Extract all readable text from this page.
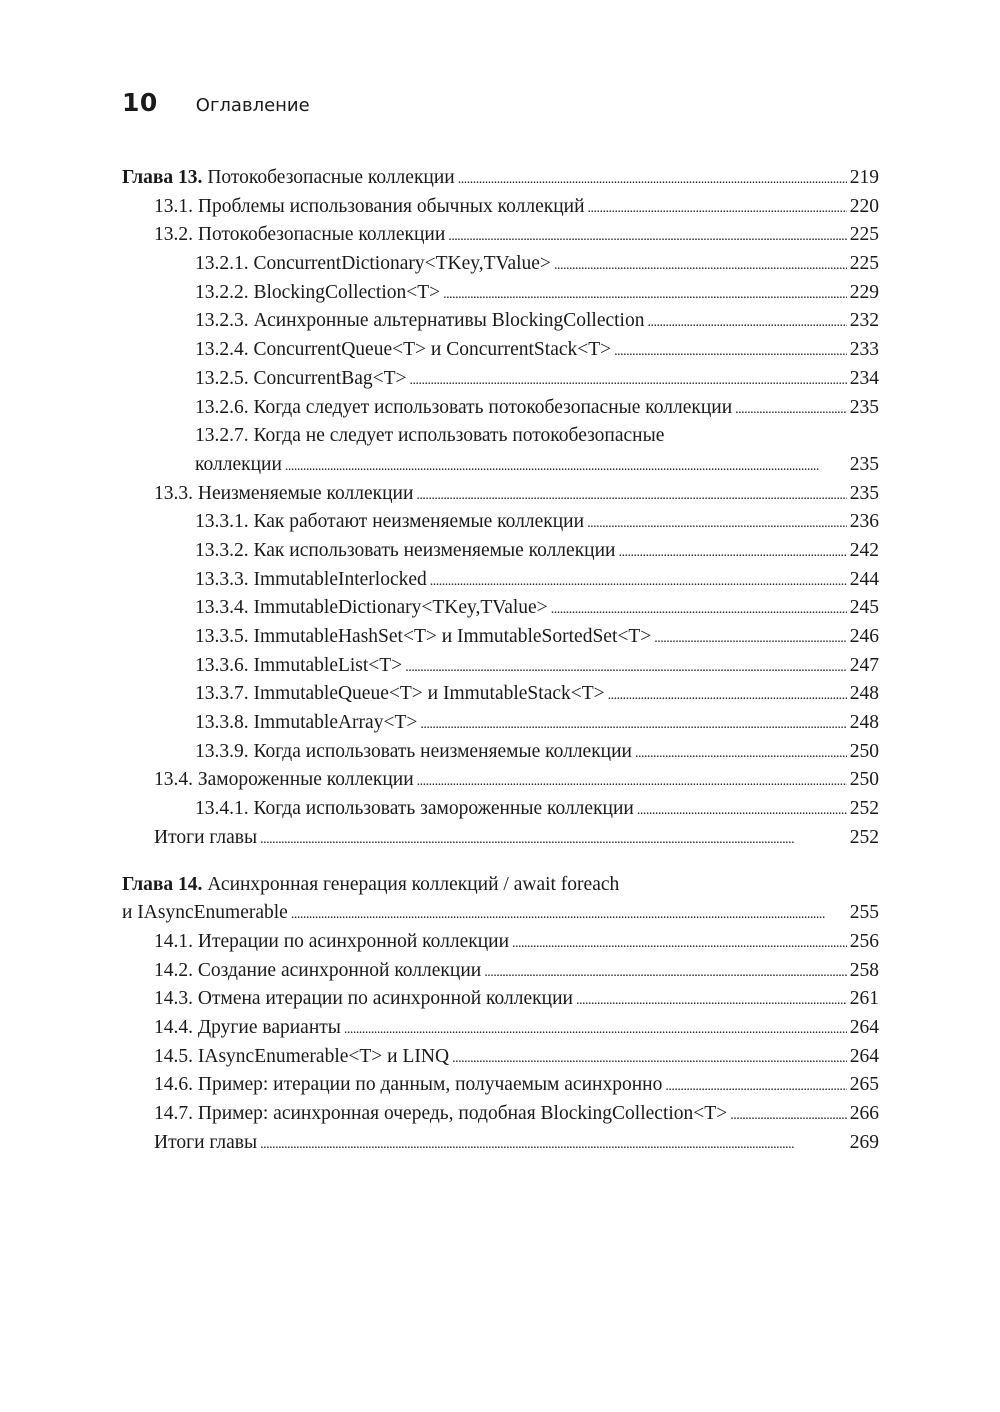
10 Оглавление
Глава 13. Потокобезопасные коллекции . . .	219
13.1. Проблемы использования обычных коллекций . . .	220
13.2. Потокобезопасные коллекции . . .	225
13.2.1. ConcurrentDictionary<TKey,TValue> . . .	225
13.2.2. BlockingCollection<T> . . .	229
13.2.3. Асинхронные альтернативы BlockingCollection . . .	232
13.2.4. ConcurrentQueue<T> и ConcurrentStack<T> . . .	233
13.2.5. ConcurrentBag<T> . . .	234
13.2.6. Когда следует использовать потокобезопасные коллекции . . .	235
13.2.7. Когда не следует использовать потокобезопасные
коллекции . . .	235
13.3. Неизменяемые коллекции . . .	235
13.3.1. Как работают неизменяемые коллекции . . .	236
13.3.2. Как использовать неизменяемые коллекции . . .	242
13.3.3. ImmutableInterlocked . . .	244
13.3.4. ImmutableDictionary<TKey,TValue> . . .	245
13.3.5. ImmutableHashSet<T> и ImmutableSortedSet<T> . . .	246
13.3.6. ImmutableList<T> . . .	247
13.3.7. ImmutableQueue<T> и ImmutableStack<T> . . .	248
13.3.8. ImmutableArray<T> . . .	248
13.3.9. Когда использовать неизменяемые коллекции . . .	250
13.4. Замороженные коллекции . . .	250
13.4.1. Когда использовать замороженные коллекции . . .	252
Итоги главы . . .	252
Глава 14. Асинхронная генерация коллекций / await foreach
и IAsyncEnumerable . . .	255
14.1. Итерации по асинхронной коллекции . . .	256
14.2. Создание асинхронной коллекции . . .	258
14.3. Отмена итерации по асинхронной коллекции . . .	261
14.4. Другие варианты . . .	264
14.5. IAsyncEnumerable<T> и LINQ . . .	264
14.6. Пример: итерации по данным, получаемым асинхронно . . .	265
14.7. Пример: асинхронная очередь, подобная BlockingCollection<T> . . .	266
Итоги главы . . .	269
